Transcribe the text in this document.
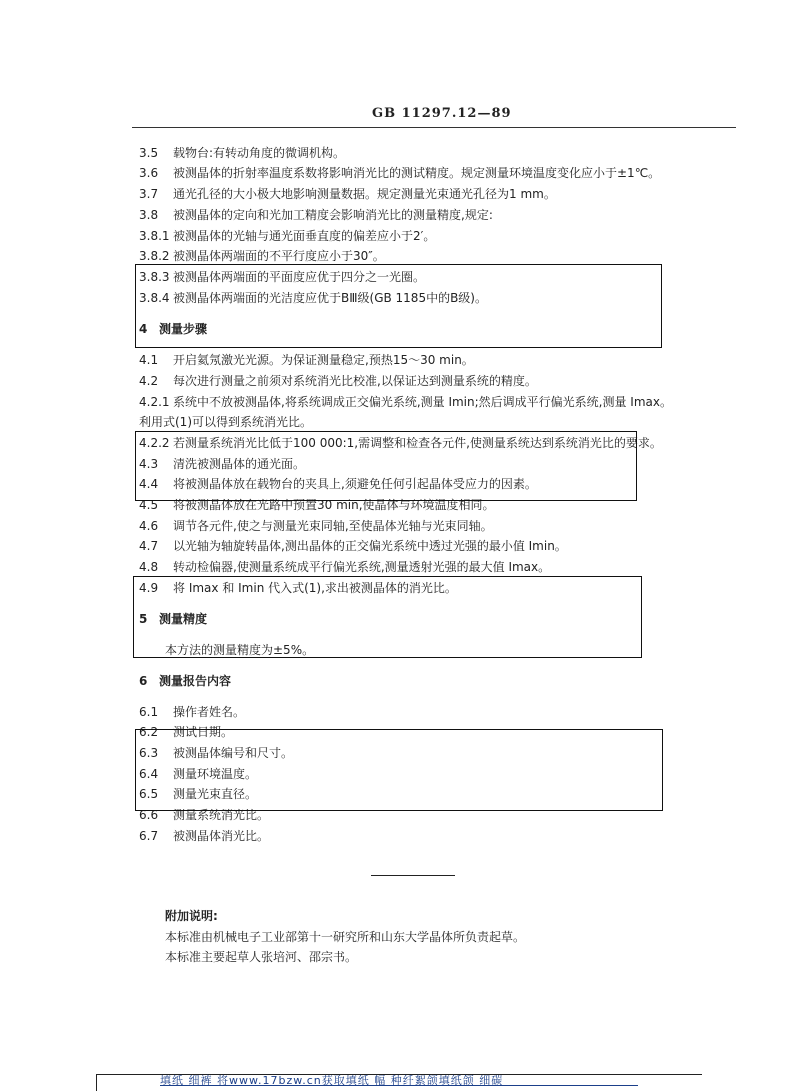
GB 11297.12—89
3.5 载物台:有转动角度的微调机构。
3.6 被测晶体的折射率温度系数将影响消光比的测试精度。规定测量环境温度变化应小于±1℃。
3.7 通光孔径的大小极大地影响测量数据。规定测量光束通光孔径为1 mm。
3.8 被测晶体的定向和光加工精度会影响消光比的测量精度,规定:
3.8.1 被测晶体的光轴与通光面垂直度的偏差应小于2′。
3.8.2 被测晶体两端面的不平行度应小于30″。
3.8.3 被测晶体两端面的平面度应优于四分之一光圈。
3.8.4 被测晶体两端面的光洁度应优于BⅢ级(GB 1185中的B级)。
4 测量步骤
4.1 开启氦氖激光光源。为保证测量稳定,预热15～30 min。
4.2 每次进行测量之前须对系统消光比校准,以保证达到测量系统的精度。
4.2.1 系统中不放被测晶体,将系统调成正交偏光系统,测量 Imin;然后调成平行偏光系统,测量 Imax。
利用式(1)可以得到系统消光比。
4.2.2 若测量系统消光比低于100 000:1,需调整和检查各元件,使测量系统达到系统消光比的要求。
4.3 清洗被测晶体的通光面。
4.4 将被测晶体放在载物台的夹具上,须避免任何引起晶体受应力的因素。
4.5 将被测晶体放在光路中预置30 min,使晶体与环境温度相同。
4.6 调节各元件,使之与测量光束同轴,至使晶体光轴与光束同轴。
4.7 以光轴为轴旋转晶体,测出晶体的正交偏光系统中透过光强的最小值 Imin。
4.8 转动检偏器,使测量系统成平行偏光系统,测量透射光强的最大值 Imax。
4.9 将 Imax 和 Imin 代入式(1),求出被测晶体的消光比。
5 测量精度
本方法的测量精度为±5%。
6 测量报告内容
6.1 操作者姓名。
6.2 测试日期。
6.3 被测晶体编号和尺寸。
6.4 测量环境温度。
6.5 测量光束直径。
6.6 测量系统消光比。
6.7 被测晶体消光比。
附加说明:
本标准由机械电子工业部第十一研究所和山东大学晶体所负责起草。
本标准主要起草人张培河、邵宗书。
填纸 细裤 将www.17bzw.cn获取填纸 幅 种纤絮颌填纸颌 细碳
